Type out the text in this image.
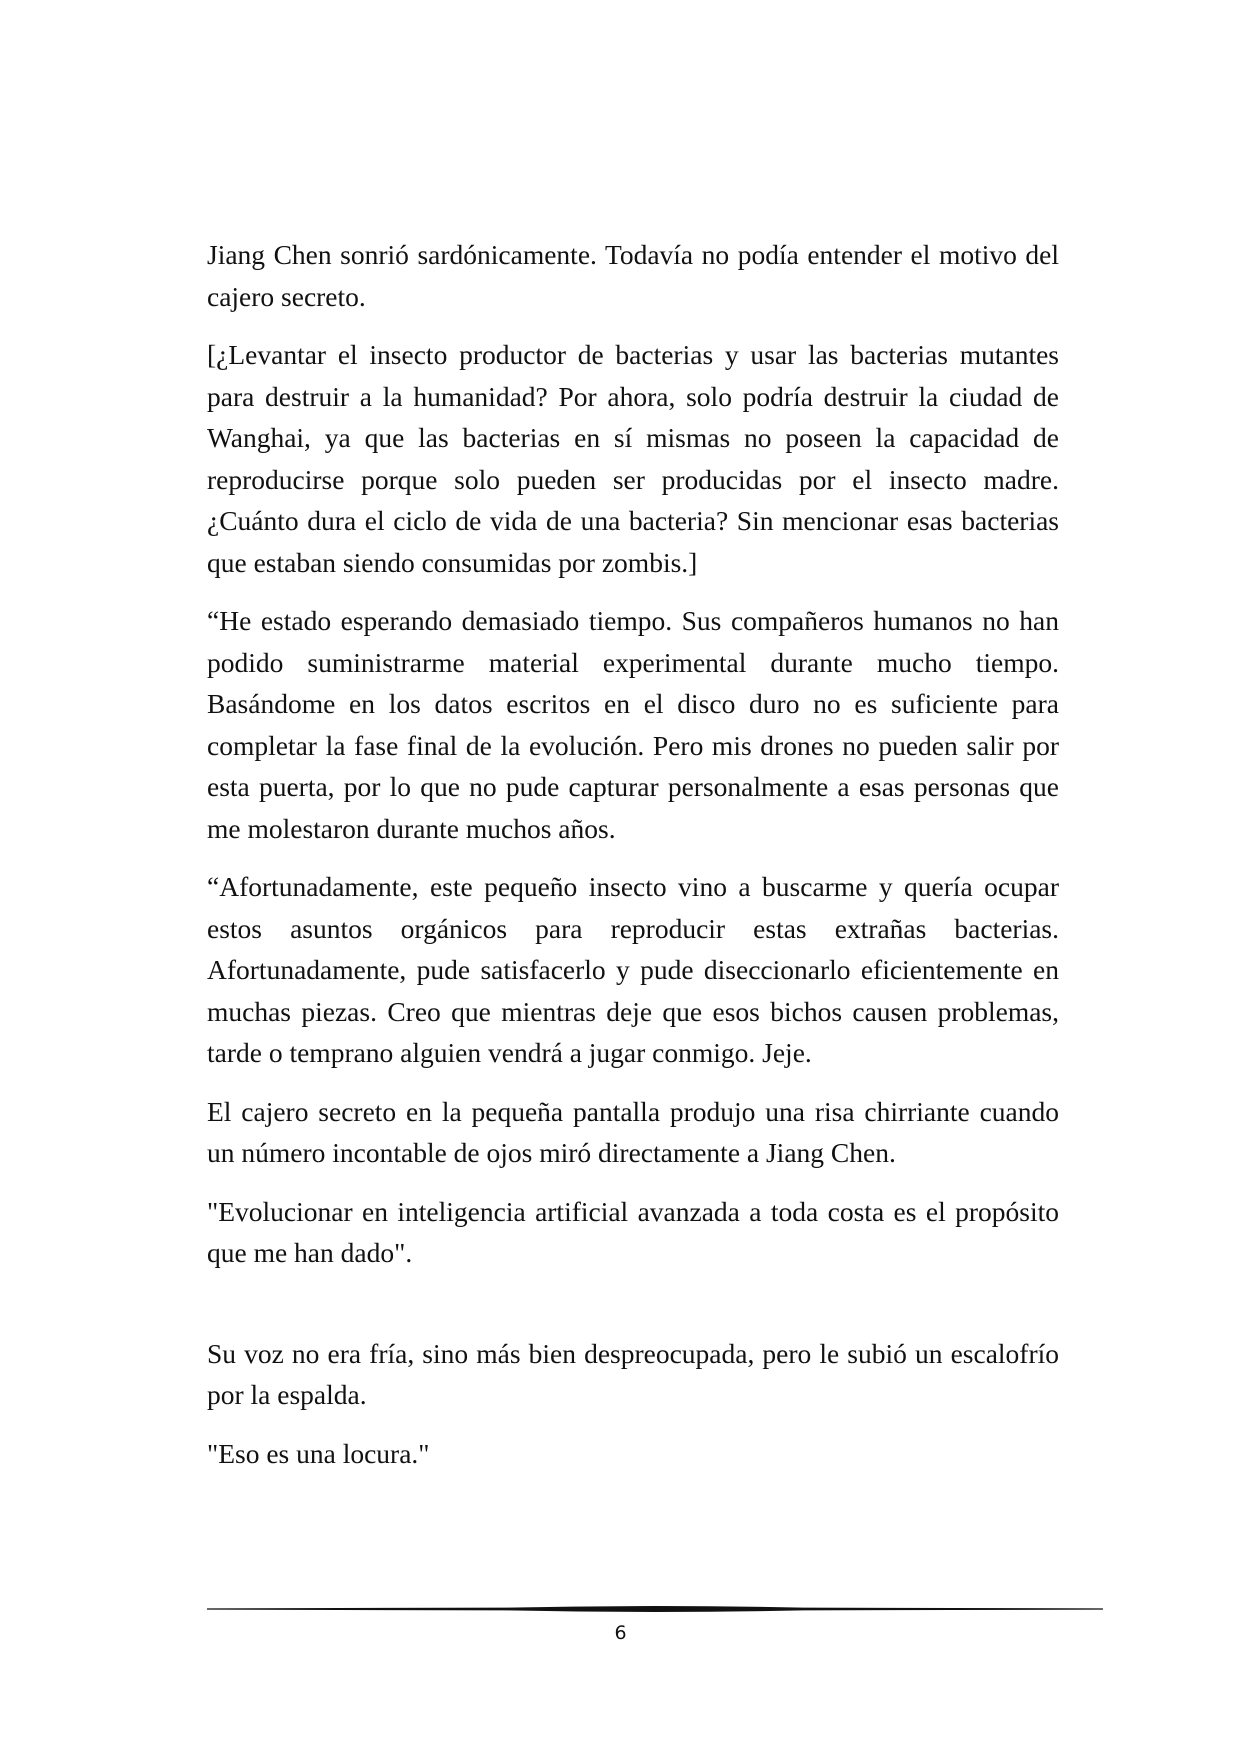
Jiang Chen sonrió sardónicamente. Todavía no podía entender el motivo del cajero secreto.

[¿Levantar el insecto productor de bacterias y usar las bacterias mutantes para destruir a la humanidad? Por ahora, solo podría destruir la ciudad de Wanghai, ya que las bacterias en sí mismas no poseen la capacidad de reproducirse porque solo pueden ser producidas por el insecto madre. ¿Cuánto dura el ciclo de vida de una bacteria? Sin mencionar esas bacterias que estaban siendo consumidas por zombis.]

“He estado esperando demasiado tiempo. Sus compañeros humanos no han podido suministrarme material experimental durante mucho tiempo. Basándome en los datos escritos en el disco duro no es suficiente para completar la fase final de la evolución. Pero mis drones no pueden salir por esta puerta, por lo que no pude capturar personalmente a esas personas que me molestaron durante muchos años.

“Afortunadamente, este pequeño insecto vino a buscarme y quería ocupar estos asuntos orgánicos para reproducir estas extrañas bacterias. Afortunadamente, pude satisfacerlo y pude diseccionarlo eficientemente en muchas piezas. Creo que mientras deje que esos bichos causen problemas, tarde o temprano alguien vendrá a jugar conmigo. Jeje.

El cajero secreto en la pequeña pantalla produjo una risa chirriante cuando un número incontable de ojos miró directamente a Jiang Chen.

"Evolucionar en inteligencia artificial avanzada a toda costa es el propósito que me han dado".

Su voz no era fría, sino más bien despreocupada, pero le subió un escalofrío por la espalda.

"Eso es una locura."

6
